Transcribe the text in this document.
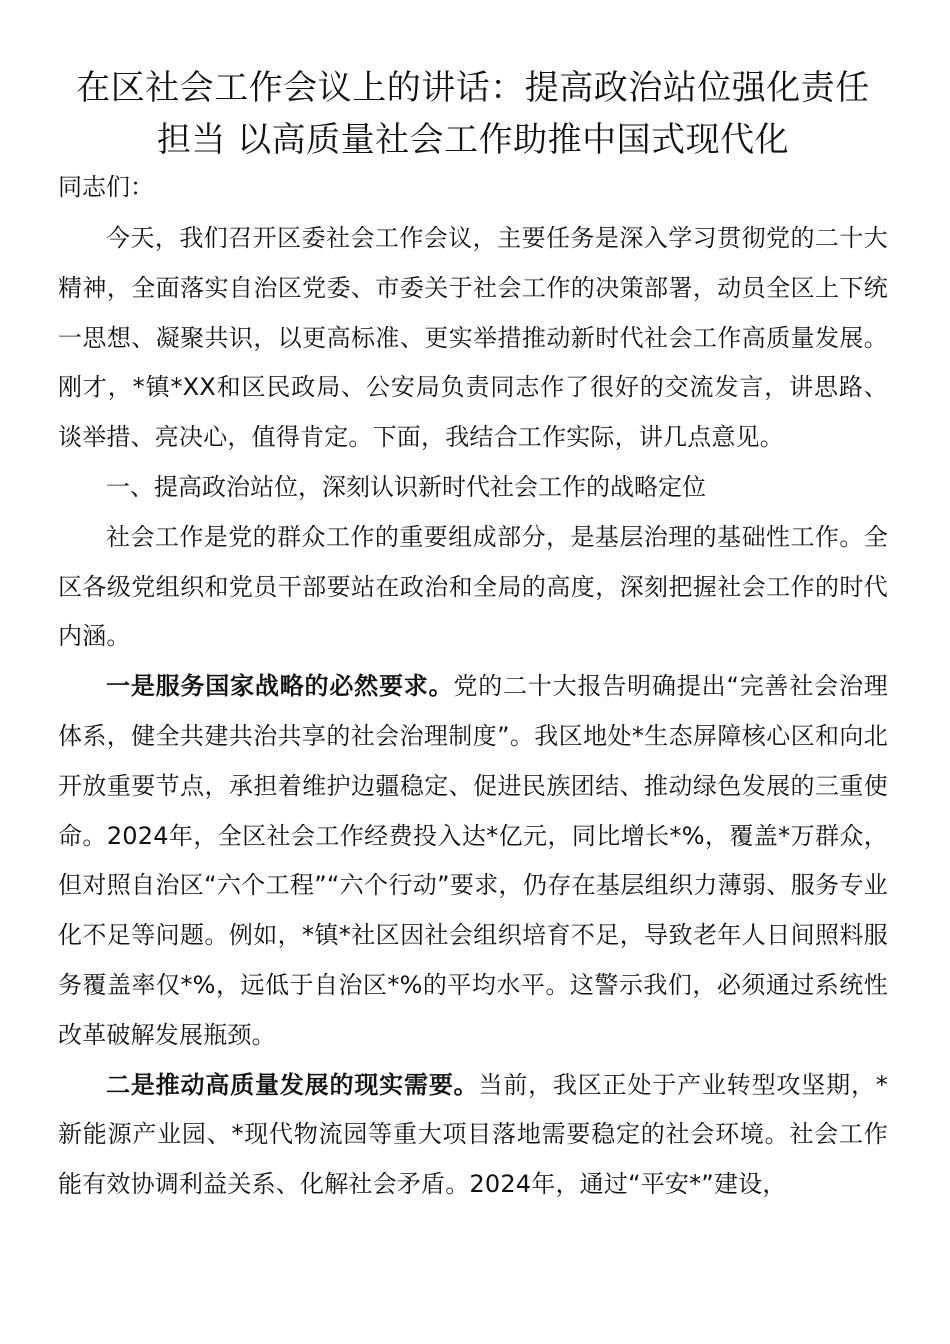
在区社会工作会议上的讲话：提高政治站位强化责任
担当 以高质量社会工作助推中国式现代化

同志们：

今天，我们召开区委社会工作会议，主要任务是深入学习贯彻党的二十大精神，全面落实自治区党委、市委关于社会工作的决策部署，动员全区上下统一思想、凝聚共识，以更高标准、更实举措推动新时代社会工作高质量发展。刚才，*镇*XX和区民政局、公安局负责同志作了很好的交流发言，讲思路、谈举措、亮决心，值得肯定。下面，我结合工作实际，讲几点意见。

一、提高政治站位，深刻认识新时代社会工作的战略定位

社会工作是党的群众工作的重要组成部分，是基层治理的基础性工作。全区各级党组织和党员干部要站在政治和全局的高度，深刻把握社会工作的时代内涵。

一是服务国家战略的必然要求。党的二十大报告明确提出“完善社会治理体系，健全共建共治共享的社会治理制度”。我区地处*生态屏障核心区和向北开放重要节点，承担着维护边疆稳定、促进民族团结、推动绿色发展的三重使命。2024年，全区社会工作经费投入达*亿元，同比增长*%，覆盖*万群众，但对照自治区“六个工程”“六个行动”要求，仍存在基层组织力薄弱、服务专业化不足等问题。例如，*镇*社区因社会组织培育不足，导致老年人日间照料服务覆盖率仅*%，远低于自治区*%的平均水平。这警示我们，必须通过系统性改革破解发展瓶颈。

二是推动高质量发展的现实需要。当前，我区正处于产业转型攻坚期，*新能源产业园、*现代物流园等重大项目落地需要稳定的社会环境。社会工作能有效协调利益关系、化解社会矛盾。2024年，通过“平安*”建设，
